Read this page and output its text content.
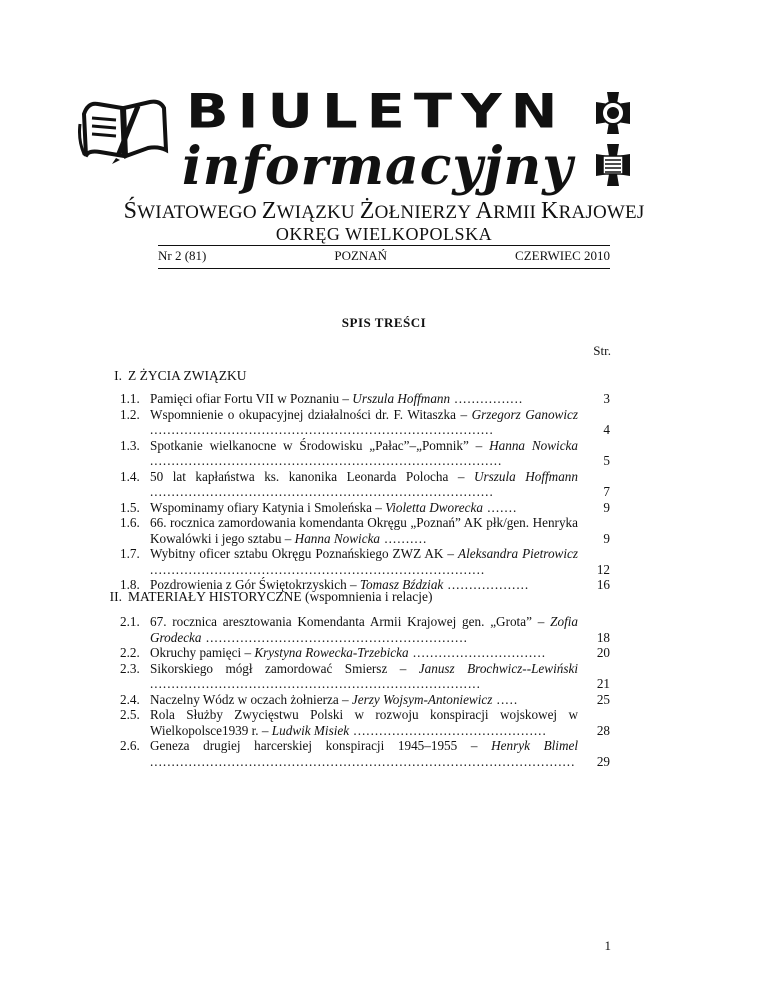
BIULETYN
informacyjny
ŚWIATOWEGO ZWIĄZKU ŻOŁNIERZY ARMII KRAJOWEJ
OKRĘG WIELKOPOLSKA
Nr 2 (81)	POZNAŃ	CZERWIEC 2010
SPIS TREŚCI
Str.
I. Z ŻYCIA ZWIĄZKU
1.1. Pamięci ofiar Fortu VII w Poznaniu – Urszula Hoffmann ................	3
1.2. Wspomnienie o okupacyjnej działalności dr. F. Witaszka – Grzegorz Ganowicz ................................................................................	4
1.3. Spotkanie wielkanocne w Środowisku „Pałac”–„Pomnik” – Hanna Nowicka ..................................................................................	5
1.4. 50 lat kapłaństwa ks. kanonika Leonarda Polocha – Urszula Hoffmann ................................................................................	7
1.5. Wspominamy ofiary Katynia i Smoleńska – Violetta Dworecka .......	9
1.6. 66. rocznica zamordowania komendanta Okręgu „Poznań” AK płk/gen. Henryka Kowalówki i jego sztabu – Hanna Nowicka ..........	9
1.7. Wybitny oficer sztabu Okręgu Poznańskiego ZWZ AK – Aleksandra Pietrowicz ..............................................................................	12
1.8. Pozdrowienia z Gór Świętokrzyskich – Tomasz Bździak ...................	16
II. MATERIAŁY HISTORYCZNE (wspomnienia i relacje)
2.1. 67. rocznica aresztowania Komendanta Armii Krajowej gen. „Grota” – Zofia Grodecka .............................................................	18
2.2. Okruchy pamięci – Krystyna Rowecka-Trzebicka ...............................	20
2.3. Sikorskiego mógł zamordować Smiersz – Janusz Brochwicz--Lewiński .............................................................................	21
2.4. Naczelny Wódz w oczach żołnierza – Jerzy Wojsym-Antoniewicz .....	25
2.5. Rola Służby Zwycięstwu Polski w rozwoju konspiracji wojskowej w Wielkopolsce1939 r. – Ludwik Misiek .............................................	28
2.6. Geneza drugiej harcerskiej konspiracji 1945–1955 – Henryk Blimel ...................................................................................................	29
1
